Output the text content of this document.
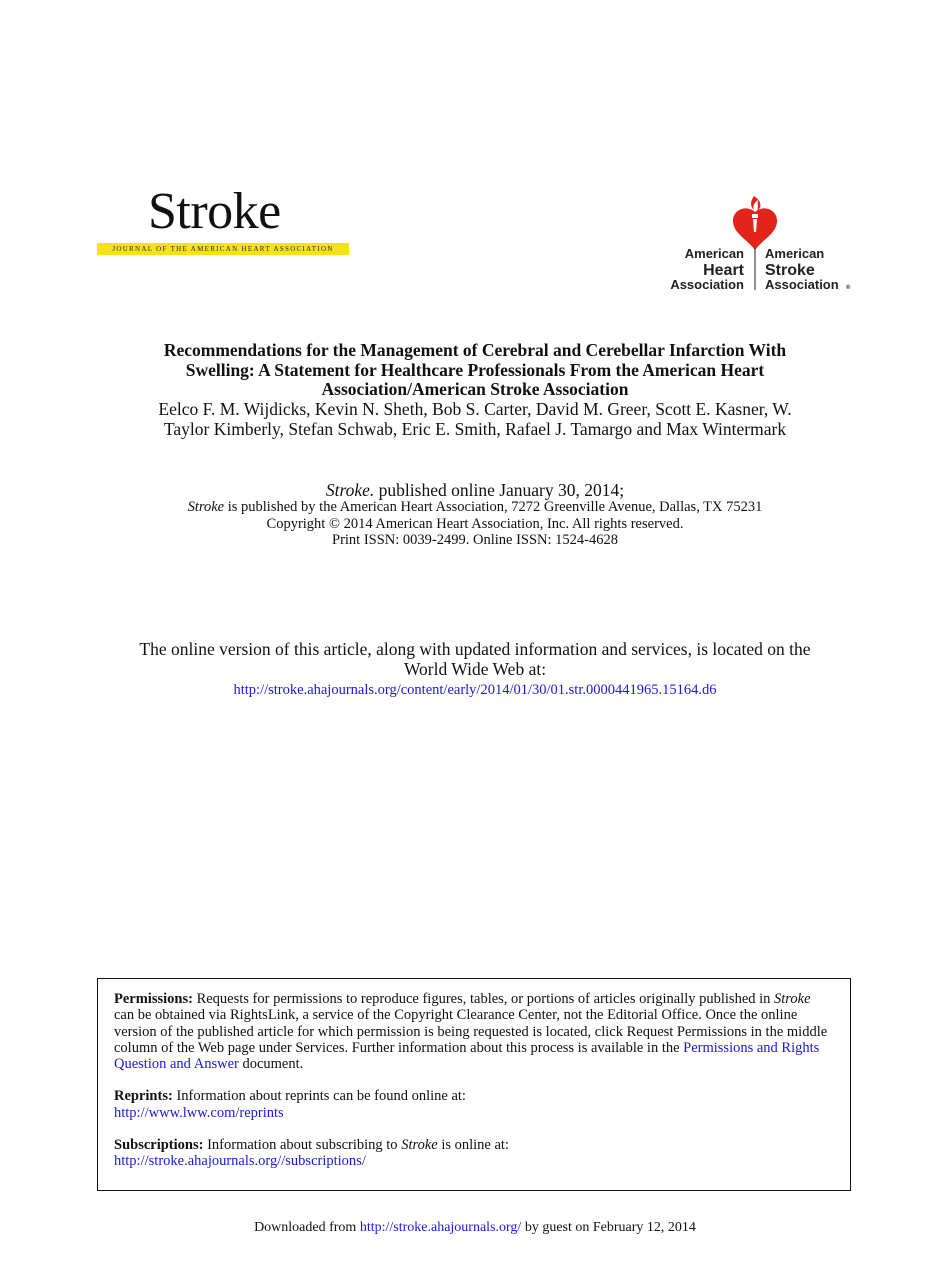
Stroke
JOURNAL OF THE AMERICAN HEART ASSOCIATION	American
Heart
Association
American
Stroke
Association ®
Recommendations for the Management of Cerebral and Cerebellar Infarction With
Swelling: A Statement for Healthcare Professionals From the American Heart
Association/American Stroke Association
Eelco F. M. Wijdicks, Kevin N. Sheth, Bob S. Carter, David M. Greer, Scott E. Kasner, W.
Taylor Kimberly, Stefan Schwab, Eric E. Smith, Rafael J. Tamargo and Max Wintermark
Stroke. published online January 30, 2014;
Stroke is published by the American Heart Association, 7272 Greenville Avenue, Dallas, TX 75231
Copyright © 2014 American Heart Association, Inc. All rights reserved.
Print ISSN: 0039-2499. Online ISSN: 1524-4628
The online version of this article, along with updated information and services, is located on the
World Wide Web at:
http://stroke.ahajournals.org/content/early/2014/01/30/01.str.0000441965.15164.d6

Permissions: Requests for permissions to reproduce figures, tables, or portions of articles originally published in Stroke can be obtained via RightsLink, a service of the Copyright Clearance Center, not the Editorial Office. Once the online version of the published article for which permission is being requested is located, click Request Permissions in the middle column of the Web page under Services. Further information about this process is available in the Permissions and Rights Question and Answer document.

Reprints: Information about reprints can be found online at:
http://www.lww.com/reprints

Subscriptions: Information about subscribing to Stroke is online at:
http://stroke.ahajournals.org//subscriptions/

Downloaded from http://stroke.ahajournals.org/ by guest on February 12, 2014
